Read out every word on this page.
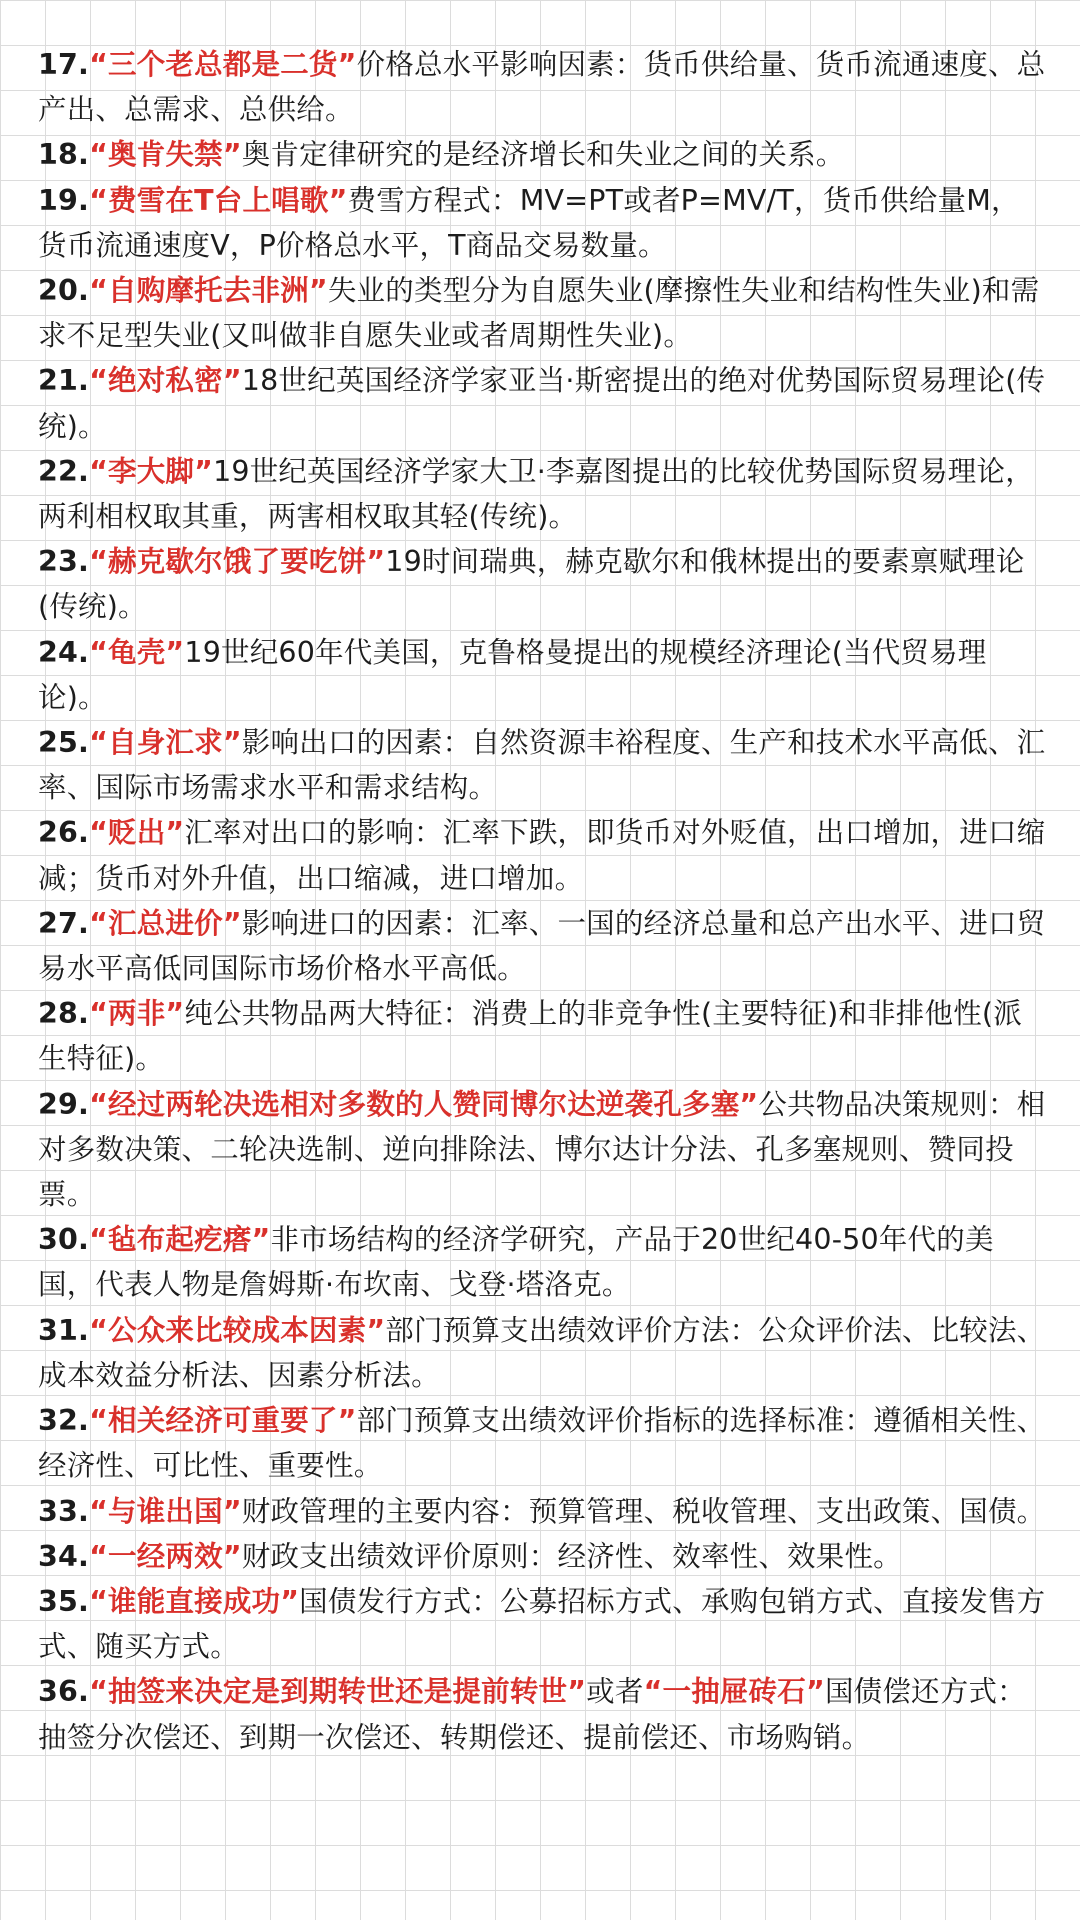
17.“三个老总都是二货”价格总水平影响因素：货币供给量、货币流通速度、总产出、总需求、总供给。

18.“奥肯失禁”奥肯定律研究的是经济增长和失业之间的关系。

19.“费雪在T台上唱歌”费雪方程式：MV=PT或者P=MV/T，货币供给量M，货币流通速度V，P价格总水平，T商品交易数量。

20.“自购摩托去非洲”失业的类型分为自愿失业(摩擦性失业和结构性失业)和需求不足型失业(又叫做非自愿失业或者周期性失业)。

21.“绝对私密”18世纪英国经济学家亚当·斯密提出的绝对优势国际贸易理论(传统)。

22.“李大脚”19世纪英国经济学家大卫·李嘉图提出的比较优势国际贸易理论，两利相权取其重，两害相权取其轻(传统)。

23.“赫克歇尔饿了要吃饼”19时间瑞典，赫克歇尔和俄林提出的要素禀赋理论(传统)。

24.“龟壳”19世纪60年代美国，克鲁格曼提出的规模经济理论(当代贸易理论)。

25.“自身汇求”影响出口的因素：自然资源丰裕程度、生产和技术水平高低、汇率、国际市场需求水平和需求结构。

26.“贬出”汇率对出口的影响：汇率下跌，即货币对外贬值，出口增加，进口缩减；货币对外升值，出口缩减，进口增加。

27.“汇总进价”影响进口的因素：汇率、一国的经济总量和总产出水平、进口贸易水平高低同国际市场价格水平高低。

28.“两非”纯公共物品两大特征：消费上的非竞争性(主要特征)和非排他性(派生特征)。

29.“经过两轮决选相对多数的人赞同博尔达逆袭孔多塞”公共物品决策规则：相对多数决策、二轮决选制、逆向排除法、博尔达计分法、孔多塞规则、赞同投票。

30.“毡布起疙瘩”非市场结构的经济学研究，产品于20世纪40-50年代的美国，代表人物是詹姆斯·布坎南、戈登·塔洛克。

31.“公众来比较成本因素”部门预算支出绩效评价方法：公众评价法、比较法、成本效益分析法、因素分析法。

32.“相关经济可重要了”部门预算支出绩效评价指标的选择标准：遵循相关性、经济性、可比性、重要性。

33.“与谁出国”财政管理的主要内容：预算管理、税收管理、支出政策、国债。

34.“一经两效”财政支出绩效评价原则：经济性、效率性、效果性。

35.“谁能直接成功”国债发行方式：公募招标方式、承购包销方式、直接发售方式、随买方式。

36.“抽签来决定是到期转世还是提前转世”或者“一抽屉砖石”国债偿还方式：抽签分次偿还、到期一次偿还、转期偿还、提前偿还、市场购销。
